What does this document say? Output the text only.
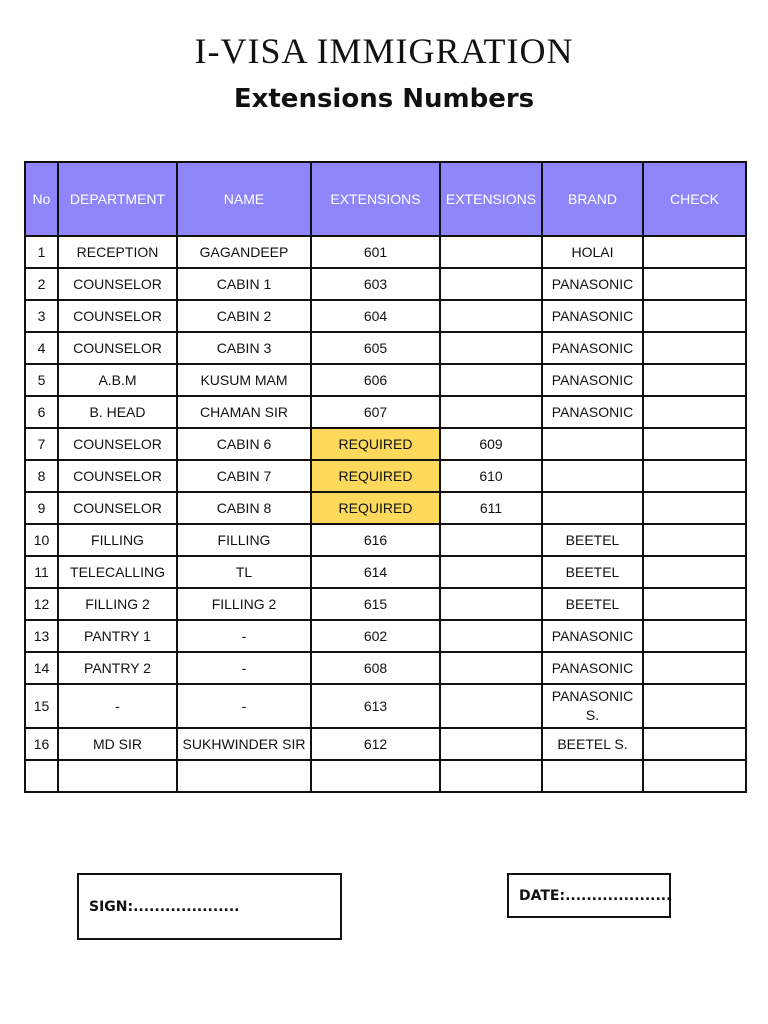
I-VISA IMMIGRATION
Extensions Numbers
No	DEPARTMENT	NAME	EXTENSIONS	EXTENSIONS	BRAND	CHECK
1	RECEPTION	GAGANDEEP	601		HOLAI	
2	COUNSELOR	CABIN 1	603		PANASONIC	
3	COUNSELOR	CABIN 2	604		PANASONIC	
4	COUNSELOR	CABIN 3	605		PANASONIC	
5	A.B.M	KUSUM MAM	606		PANASONIC	
6	B. HEAD	CHAMAN SIR	607		PANASONIC	
7	COUNSELOR	CABIN 6	REQUIRED	609		
8	COUNSELOR	CABIN 7	REQUIRED	610		
9	COUNSELOR	CABIN 8	REQUIRED	611		
10	FILLING	FILLING	616		BEETEL	
11	TELECALLING	TL	614		BEETEL	
12	FILLING 2	FILLING 2	615		BEETEL	
13	PANTRY 1	-	602		PANASONIC	
14	PANTRY 2	-	608		PANASONIC	
15	-	-	613		PANASONIC S.	
16	MD SIR	SUKHWINDER SIR	612		BEETEL S.	

SIGN:....................
DATE:....................
